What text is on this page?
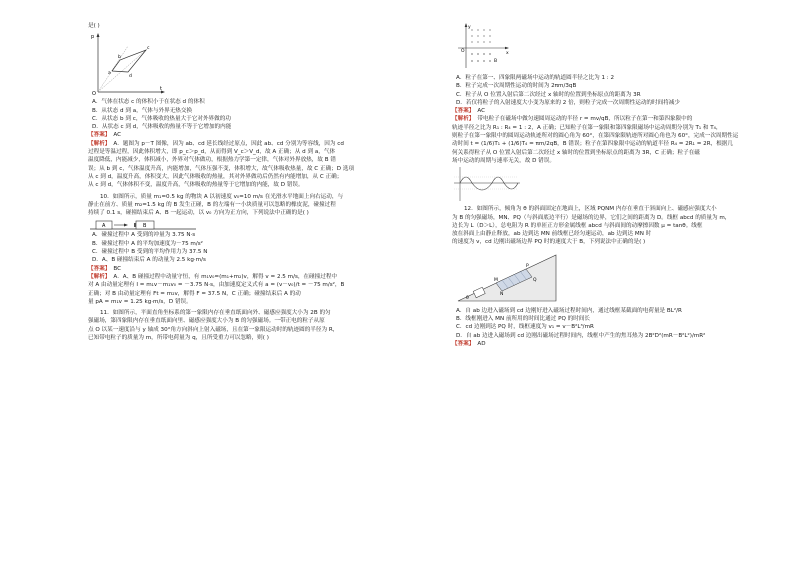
是( )
p
t
O
a
b
c
d
A．气体在状态 c 的体积小于在状态 d 的体积
B．从状态 d 到 a，气体与外界无热交换
C．从状态 b 到 c，气体吸收的热量大于它对外界做的功
D．从状态 c 到 d，气体吸收的热量不等于它增加的内能
【答案】 AC
【解析】 A．题图为 p－T 图像，因为 ab、cd 延长线经过原点，因此 ab、cd 分别为等容线，因为 cd
过程是等温过程，因此体积增大，即 p_c＞p_d，从而得到 V_c＞V_d，故 A 正确；从 d 到 a，气体
温度降低，内能减少，体积减小，外界对气体做功，根据热力学第一定律，气体对外界放热，故 B 错
误；从 b 到 c，气体温度升高，内能增加，气体压强不变，体积增大，故气体吸收热量，故 C 正确；D 选项
从 c 到 d，温度升高，体积变大，因此气体吸收的热量，其对外界做功后仍然有内能增加，从 C 正确；
从 c 到 d，气体体积不变，温度升高，气体吸收的热量等于它增加的内能，故 D 错误。
10．如图所示，质量 m₁=0.5 kg 的物块 A 以初速度 v₀=10 m/s 在光滑水平地面上向右运动，与
静止在前方、质量 m₂=1.5 kg 的 B 发生正碰，B 的左端有一小块质量可以忽略的橡皮泥，碰撞过程
持续了 0.1 s，碰撞结束后 A、B 一起运动，以 v₀ 方向为正方向，下列说法中正确的是( )
A	B
A．碰撞过程中 A 受到的冲量为 3.75 N·s
B．碰撞过程中 A 的平均加速度为－75 m/s²
C．碰撞过程中 B 受到的平均作用力为 37.5 N
D．A、B 碰撞结束后 A 的动量为 2.5 kg·m/s
【答案】 BC
【解析】 A．A、B 碰撞过程中动量守恒，有 m₁v₀=(m₁+m₂)v，解得 v = 2.5 m/s，在碰撞过程中
对 A 由动量定理有 I = m₁v－m₁v₀ = －3.75 N·s，由加速度定义式有 a = (v－v₀)/t = －75 m/s²，B
正确；对 B 由动量定理有 Ft = m₂v，解得 F = 37.5 N，C 正确；碰撞结束后 A 的动
量 pA = m₁v = 1.25 kg·m/s，D 错误。
11．如图所示，平面直角坐标系的第一象限内存在垂直纸面向外、磁感应强度大小为 2B 的匀
强磁场，第四象限内存在垂直纸面向里、磁感应强度大小为 B 的匀强磁场。一带正电的粒子从原
点 O 以某一速度沿与 y 轴成 30°角方向斜向上射入磁场，且在第一象限运动时的轨迹圆的半径为 R，
已知带电粒子的质量为 m，所带电荷量为 q，且所受重力可以忽略，则( )
y
x
O
B
A．粒子在第一、四象限两磁场中运动的轨道圆半径之比为 1 : 2
B．粒子完成一次周期性运动的时间为 2πm/3qB
C．粒子从 O 位置入射后第二次经过 x 轴时的位置到坐标原点的距离为 3R
D．若仅将粒子的入射速度大小变为原来的 2 倍，则粒子完成一次周期性运动的时间将减少
【答案】 AC
【解析】 带电粒子在磁场中做匀速圆周运动的半径 r = mv/qB，所以粒子在第一和第四象限中的
轨迹半径之比为 R₁ : R₄ = 1 : 2，A 正确；已知粒子在第一象限和第四象限磁场中运动周期分别为 T₁ 和 T₄，
则粒子在第一象限中的圆周运动轨迹所对的圆心角为 60°，在第四象限轨迹所对圆心角也为 60°，完成一次周期性运
动时间 t = (1/6)T₁ + (1/6)T₄ = πm/2qB，B 错误；粒子在第四象限中运动的轨道半径 R₄ = 2R₁ = 2R，根据几
何关系得粒子从 O 位置入射后第二次经过 x 轴时的位置到坐标原点的距离为 3R，C 正确；粒子在磁
场中运动的周期与速率无关，故 D 错误。
12．如图所示，倾角为 θ 的斜面固定在地面上，区域 PQNM 内存在垂直于斜面向上、磁感应强度大小
为 B 的匀强磁场，MN、PQ（与斜面底边平行）是磁场的边界，它们之间的距离为 D。线框 abcd 的质量为 m，
边长为 L（D＞L），总电阻为 R 的单匝正方形金属线框 abcd 与斜面间的动摩擦因数 μ = tanθ。线框
放在斜面上由静止释放，ab 边到达 MN 前线框已经匀速运动，ab 边到达 MN 时
的速度为 v，cd 边刚出磁场边界 PQ 时的速度大于 B，下列说法中正确的是( )
M
N
P
Q
θ
A．自 ab 边进入磁场到 cd 边刚好进入磁场过程时间内，通过线框某截面的电荷量是 BL²/R
B．线框刚进入 MN 前所用的时间比通过 PQ 的时间长
C．cd 边刚到达 PQ 时，线框速度为 v₁ = v－B²L³/mR
D．自 ab 边进入磁场到 cd 边刚出磁场过程时间内，线框中产生的焦耳热为 2B²D²(mR－B²L²)/mR²
【答案】 AD
